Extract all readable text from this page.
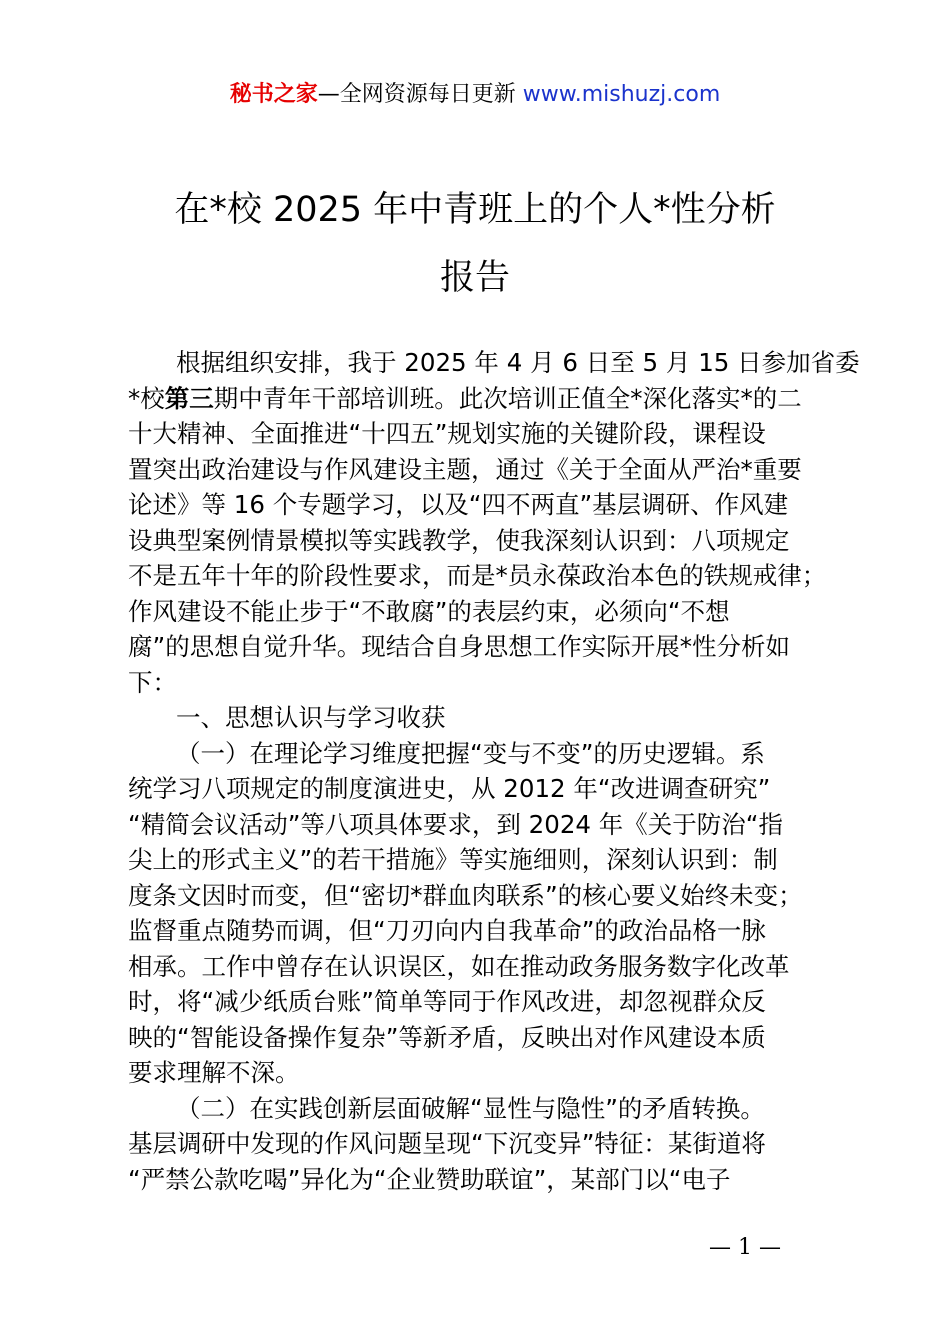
秘书之家—全网资源每日更新 www.mishuzj.com
在*校 2025 年中青班上的个人*性分析
报告
根据组织安排，我于 2025 年 4 月 6 日至 5 月 15 日参加省委
*校第三期中青年干部培训班。此次培训正值全*深化落实*的二
十大精神、全面推进“十四五”规划实施的关键阶段，课程设
置突出政治建设与作风建设主题，通过《关于全面从严治*重要
论述》等 16 个专题学习，以及“四不两直”基层调研、作风建
设典型案例情景模拟等实践教学，使我深刻认识到：八项规定
不是五年十年的阶段性要求，而是*员永葆政治本色的铁规戒律；
作风建设不能止步于“不敢腐”的表层约束，必须向“不想
腐”的思想自觉升华。现结合自身思想工作实际开展*性分析如
下：
一、思想认识与学习收获
（一）在理论学习维度把握“变与不变”的历史逻辑。系
统学习八项规定的制度演进史，从 2012 年“改进调查研究”
“精简会议活动”等八项具体要求，到 2024 年《关于防治“指
尖上的形式主义”的若干措施》等实施细则，深刻认识到：制
度条文因时而变，但“密切*群血肉联系”的核心要义始终未变；
监督重点随势而调，但“刀刃向内自我革命”的政治品格一脉
相承。工作中曾存在认识误区，如在推动政务服务数字化改革
时，将“减少纸质台账”简单等同于作风改进，却忽视群众反
映的“智能设备操作复杂”等新矛盾，反映出对作风建设本质
要求理解不深。
（二）在实践创新层面破解“显性与隐性”的矛盾转换。
基层调研中发现的作风问题呈现“下沉变异”特征：某街道将
“严禁公款吃喝”异化为“企业赞助联谊”，某部门以“电子
— 1 —
